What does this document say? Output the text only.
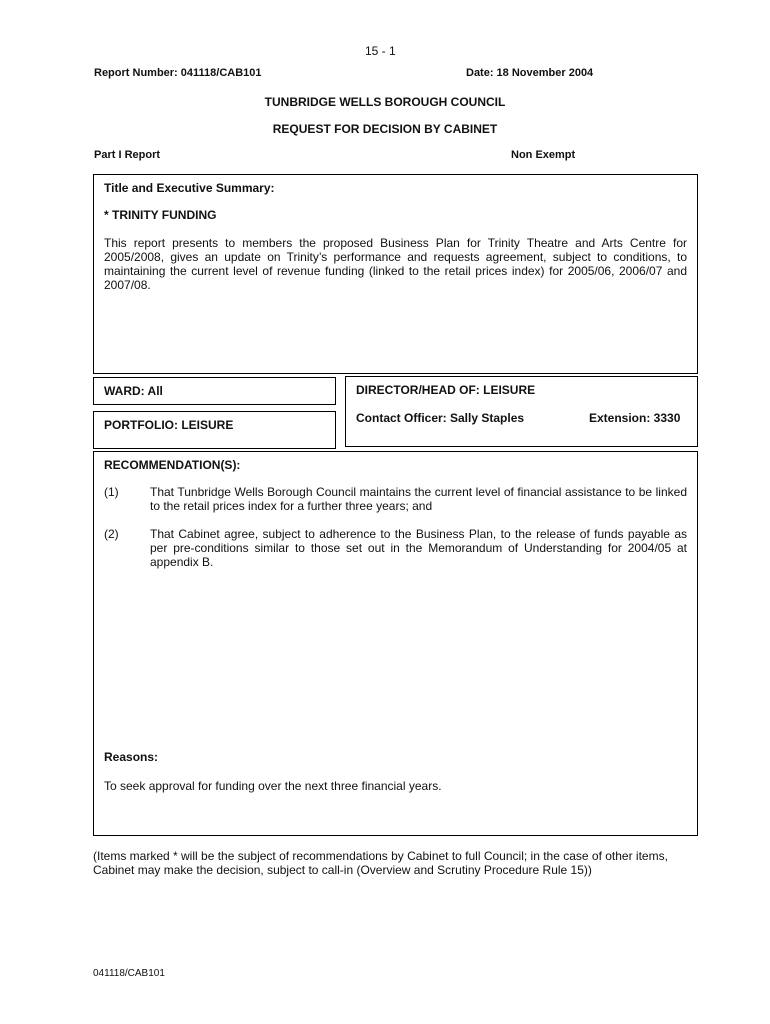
15 - 1
Report Number: 041118/CAB101	Date: 18 November 2004
TUNBRIDGE WELLS BOROUGH COUNCIL
REQUEST FOR DECISION BY CABINET
Part I Report	Non Exempt
Title and Executive Summary:
* TRINITY FUNDING
This report presents to members the proposed Business Plan for Trinity Theatre and Arts Centre for 2005/2008, gives an update on Trinity’s performance and requests agreement, subject to conditions, to maintaining the current level of revenue funding (linked to the retail prices index) for 2005/06, 2006/07 and 2007/08.
WARD: All
PORTFOLIO: LEISURE
DIRECTOR/HEAD OF: LEISURE
Contact Officer: Sally Staples	Extension: 3330
RECOMMENDATION(S):
(1)	That Tunbridge Wells Borough Council maintains the current level of financial assistance to be linked to the retail prices index for a further three years; and
(2)	That Cabinet agree, subject to adherence to the Business Plan, to the release of funds payable as per pre-conditions similar to those set out in the Memorandum of Understanding for 2004/05 at appendix B.
Reasons:
To seek approval for funding over the next three financial years.
(Items marked * will be the subject of recommendations by Cabinet to full Council; in the case of other items, Cabinet may make the decision, subject to call-in (Overview and Scrutiny Procedure Rule 15))
041118/CAB101
